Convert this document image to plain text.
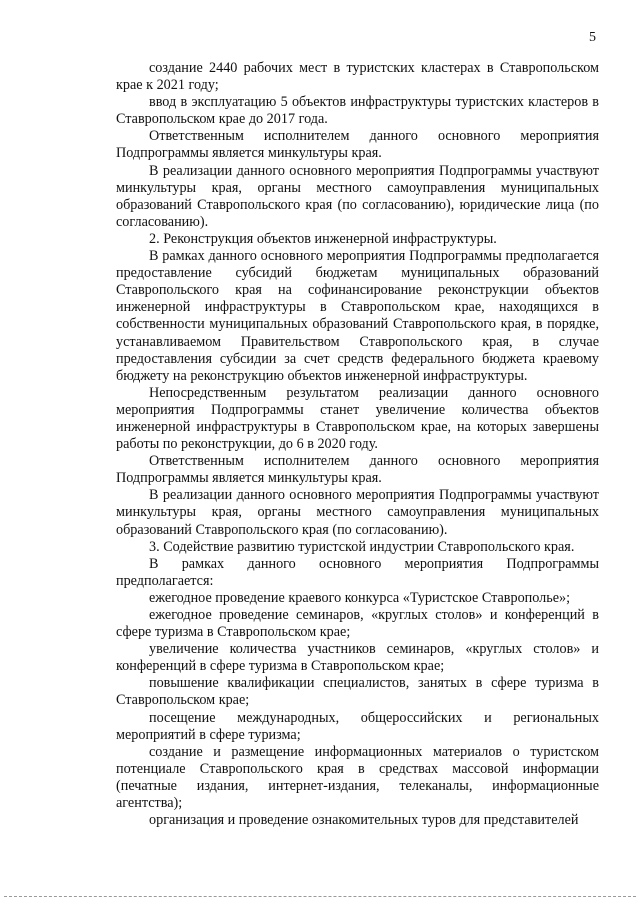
5

создание 2440 рабочих мест в туристских кластерах в Ставропольском крае к 2021 году;

ввод в эксплуатацию 5 объектов инфраструктуры туристских кластеров в Ставропольском крае до 2017 года.

Ответственным исполнителем данного основного мероприятия Подпрограммы является минкультуры края.

В реализации данного основного мероприятия Подпрограммы участвуют минкультуры края, органы местного самоуправления муниципальных образований Ставропольского края (по согласованию), юридические лица (по согласованию).

2. Реконструкция объектов инженерной инфраструктуры.

В рамках данного основного мероприятия Подпрограммы предполагается предоставление субсидий бюджетам муниципальных образований Ставропольского края на софинансирование реконструкции объектов инженерной инфраструктуры в Ставропольском крае, находящихся в собственности муниципальных образований Ставропольского края, в порядке, устанавливаемом Правительством Ставропольского края, в случае предоставления субсидии за счет средств федерального бюджета краевому бюджету на реконструкцию объектов инженерной инфраструктуры.

Непосредственным результатом реализации данного основного мероприятия Подпрограммы станет увеличение количества объектов инженерной инфраструктуры в Ставропольском крае, на которых завершены работы по реконструкции, до 6 в 2020 году.

Ответственным исполнителем данного основного мероприятия Подпрограммы является минкультуры края.

В реализации данного основного мероприятия Подпрограммы участвуют минкультуры края, органы местного самоуправления муниципальных образований Ставропольского края (по согласованию).

3. Содействие развитию туристской индустрии Ставропольского края.

В рамках данного основного мероприятия Подпрограммы предполагается:

ежегодное проведение краевого конкурса «Туристское Ставрополье»;

ежегодное проведение семинаров, «круглых столов» и конференций в сфере туризма в Ставропольском крае;

увеличение количества участников семинаров, «круглых столов» и конференций в сфере туризма в Ставропольском крае;

повышение квалификации специалистов, занятых в сфере туризма в Ставропольском крае;

посещение международных, общероссийских и региональных мероприятий в сфере туризма;

создание и размещение информационных материалов о туристском потенциале Ставропольского края в средствах массовой информации (печатные издания, интернет-издания, телеканалы, информационные агентства);

организация и проведение ознакомительных туров для представителей
